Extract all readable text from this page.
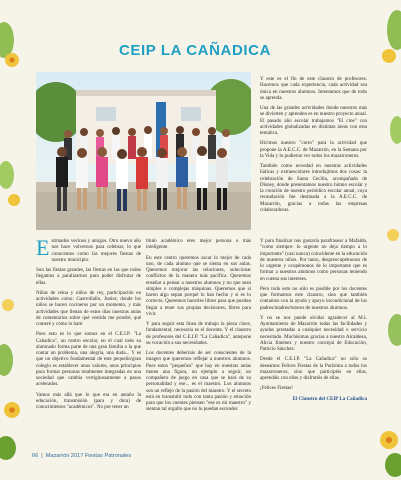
CEIP LA CAÑADICA

Y este es el fin de este claustro de profesores. Hacemos que cada experiencia, cada actividad sea única en nuestros alumnos. Intentamos que de todo se aprenda.

Una de las grandes actividades donde nuestros más se divierten y aprenden es en nuestro proyecto anual. El pasado año escolar trabajamos "El cine" con actividades globalizadas en distintas áreas con esta temática.

Hicimos nuestro "corto" para la actividad que propone la A.E.C.C. de Mazarrón, en la Semana por la Vida y lo pudieron ver todos los mazarroneros.

También como novedad en nuestras actividades lúdicas y extraescolares introdujimos dos cosas: la celebración de Santa Cecilia, acompañada de Disney, donde presentamos nuestro himno escolar y la creación de nuestro periódico escolar anual, cuya recaudación fue destinada a la A.E.C.C. de Mazarrón, gracias a todas las empresas colaboradoras.

Estimados vecinos y amigos. Otro nuevo año nos hace volvernos para celebrar, lo que conocemos como las mejores fiestas de nuestro municipio.

Son las fiestas grandes, las fiestas en las que todos llegamos a paralizarnos para poder disfrutar de ellas.

Niñas de reina y niños de rey, participación en actividades como: Gastrollallo, Junior, donde los niños se hacen cocineros por un momento, y más actividades que llenan de estos días nuestras aulas de comentarios sobre qué vestido me pondré, qué comeré y cómo lo haré.

Pues esto es lo que somos en el C.E.I.P. "La Cañadica", un centro escolar, en el cual todo su alumnado forma parte de una gran familia a la que contar un problema, una alegría, una duda... Y es que un objetivo fundamental de este pequeño/gran colegio es establecer unos valores, unos principios para formar personas totalmente integradas en una sociedad que cambia vertiginosamente a pasos acelerados.

Vamos más allá que lo que era en antaño la educación, transmisión (para y dura) de conocimientos "académicos". No por tener un

título académico eres mejor persona o más inteligente.

En este centro queremos sacar lo mejor de cada uno, de cada alumno que se sienta en sus aulas. Queremos mejorar las relaciones, solucionar conflictos de la manera más pacífica. Queremos enseñar a pensar a nuestros alumnos y no que sean simples o complejas máquinas. Queremos que si hacen algo sepan porqué lo han hecho y si es lo correcto. Queremos hacerles libres para que puedan llegar a tener sus propias decisiones, libres para vivir.

Y para seguir esta línea de trabajo la pieza clave, fundamental, necesaria es el docente. Y el claustro de profesores del C.E.I.P. "La Cañadica", antepone su vocación a sus necesidades.

Los docentes deberíais de ser conscientes de la imagen que queremos reflejar a nuestros alumnos. Pues estos "pequeños" que hay en nuestras aulas tienen una figura, un ejemplo a seguir, un compañero de juego en casa que se hará de su personalidad y ese... es el maestro. Los alumnos son un reflejo de la pasión del maestro. Y el secreto está en transmitir todo con tanta pasión y emoción para que los cuentes piensen "ese es mi maestro" y sientan tal orgullo que no lo puedan esconder.

Y para finalizar nos gustaría parafrasear a Mafalda, "como siempre: lo urgente no deja tiempo a lo importante" (casi nunca) coincidente en la educación de nuestros niños. Por tanto, despreocupémonos de lo urgente y ocupémonos de lo importante que es formar a nuestros alumnos como personas teniendo en cuenta sus intereses.

Pero todo esto no sólo es posible por los docentes que formamos este claustro, sino que también contamos con la ayuda y apoyo incondicional de los padres/madres/tutores de nuestros alumnos.

Y no se nos puede olvidar agradecer al M.I. Ayuntamiento de Mazarrón todas las facilidades y ayudas prestadas a cualquier necesidad o servicio necesitado. Muchísimas gracias a nuestra Alcaldesa, Alicia Jiménez y nuestro concejal de Educación, Patricio Sánchez.

Desde el C.E.I.P. "La Cañadica" no sólo os deseamos Felices Fiestas de la Purísima a todos los mazarroneros, sino que participéis en ellas, aprendáis con ellas y disfrutéis de ellas.

¡Felices Fiestas!

El Claustro del CEIP La Cañadica

66 | Mazarrón 2017 Fiestas Patronales
